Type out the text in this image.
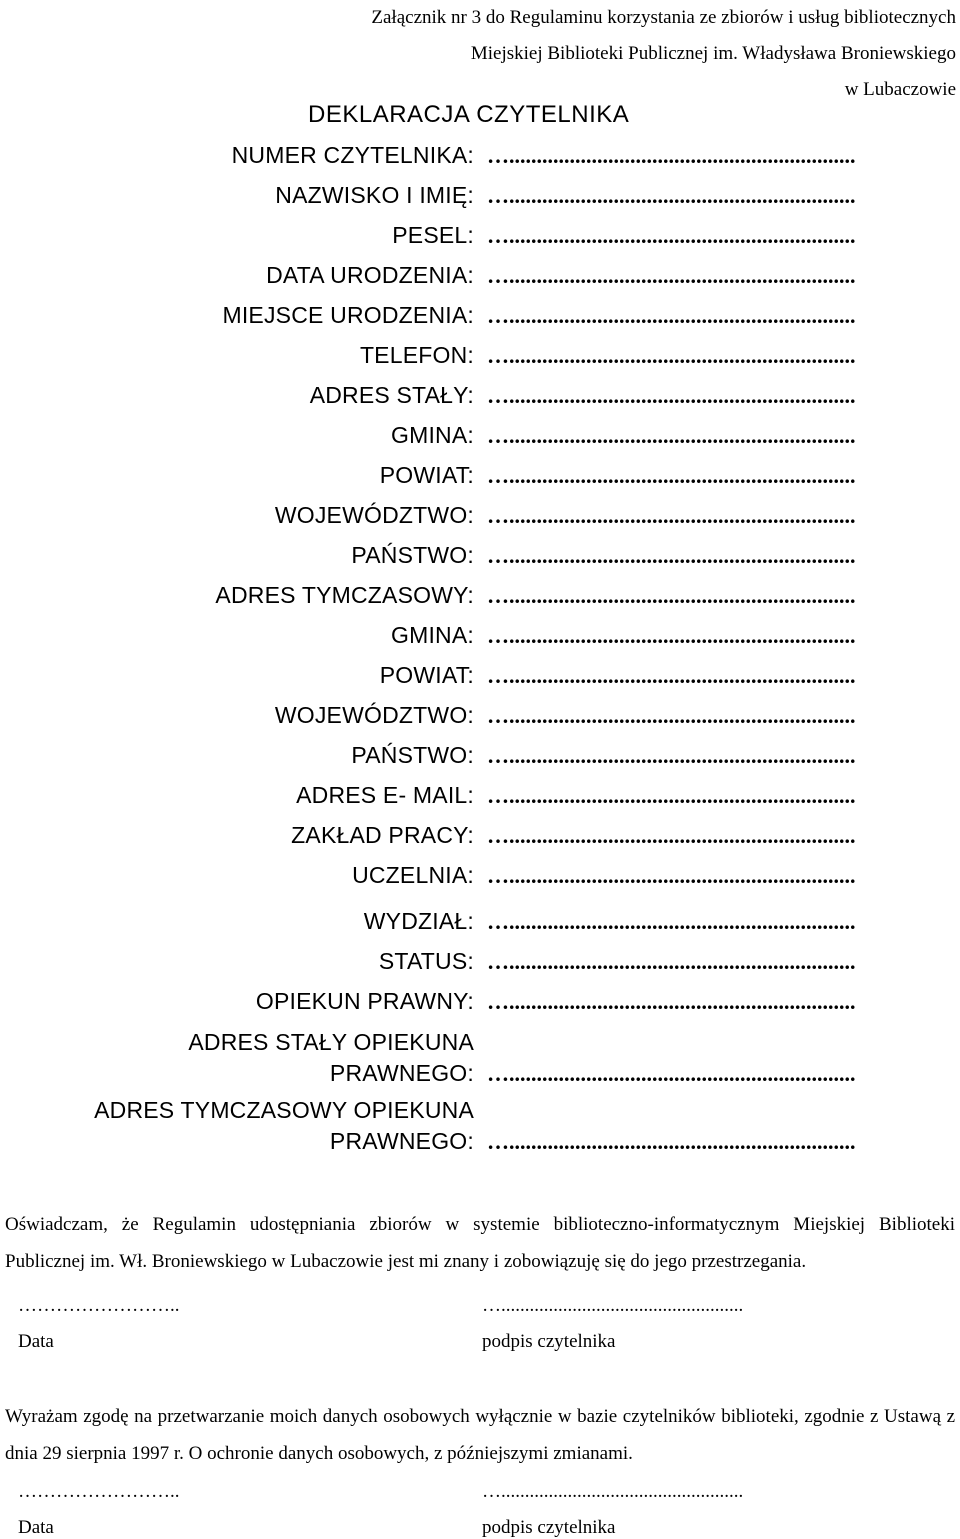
Załącznik nr 3 do Regulaminu korzystania ze zbiorów i usług bibliotecznych
Miejskiej Biblioteki Publicznej im. Władysława Broniewskiego
w Lubaczowie
DEKLARACJA CZYTELNIKA
NUMER CZYTELNIKA: …...............................................................
NAZWISKO I IMIĘ: …...............................................................
PESEL: …...............................................................
DATA URODZENIA: …...............................................................
MIEJSCE URODZENIA: …...............................................................
TELEFON: …...............................................................
ADRES STAŁY: …...............................................................
GMINA: …...............................................................
POWIAT: …...............................................................
WOJEWÓDZTWO: …...............................................................
PAŃSTWO: …...............................................................
ADRES TYMCZASOWY: …...............................................................
GMINA: …...............................................................
POWIAT: …...............................................................
WOJEWÓDZTWO: …...............................................................
PAŃSTWO: …...............................................................
ADRES E- MAIL: …...............................................................
ZAKŁAD PRACY: …...............................................................
UCZELNIA: …...............................................................
WYDZIAŁ: …...............................................................
STATUS: …...............................................................
OPIEKUN PRAWNY: …...............................................................
ADRES STAŁY OPIEKUNA
PRAWNEGO: …...............................................................
ADRES TYMCZASOWY OPIEKUNA
PRAWNEGO: …...............................................................
Oświadczam, że Regulamin udostępniania zbiorów w systemie biblioteczno-informatycznym Miejskiej Biblioteki Publicznej im. Wł. Broniewskiego w Lubaczowie jest mi znany i zobowiązuję się do jego przestrzegania.
……………………..
Data
…...................................................
podpis czytelnika
Wyrażam zgodę na przetwarzanie moich danych osobowych wyłącznie w bazie czytelników biblioteki, zgodnie z Ustawą z dnia 29 sierpnia 1997 r. O ochronie danych osobowych, z późniejszymi zmianami.
……………………..
Data
…...................................................
podpis czytelnika
